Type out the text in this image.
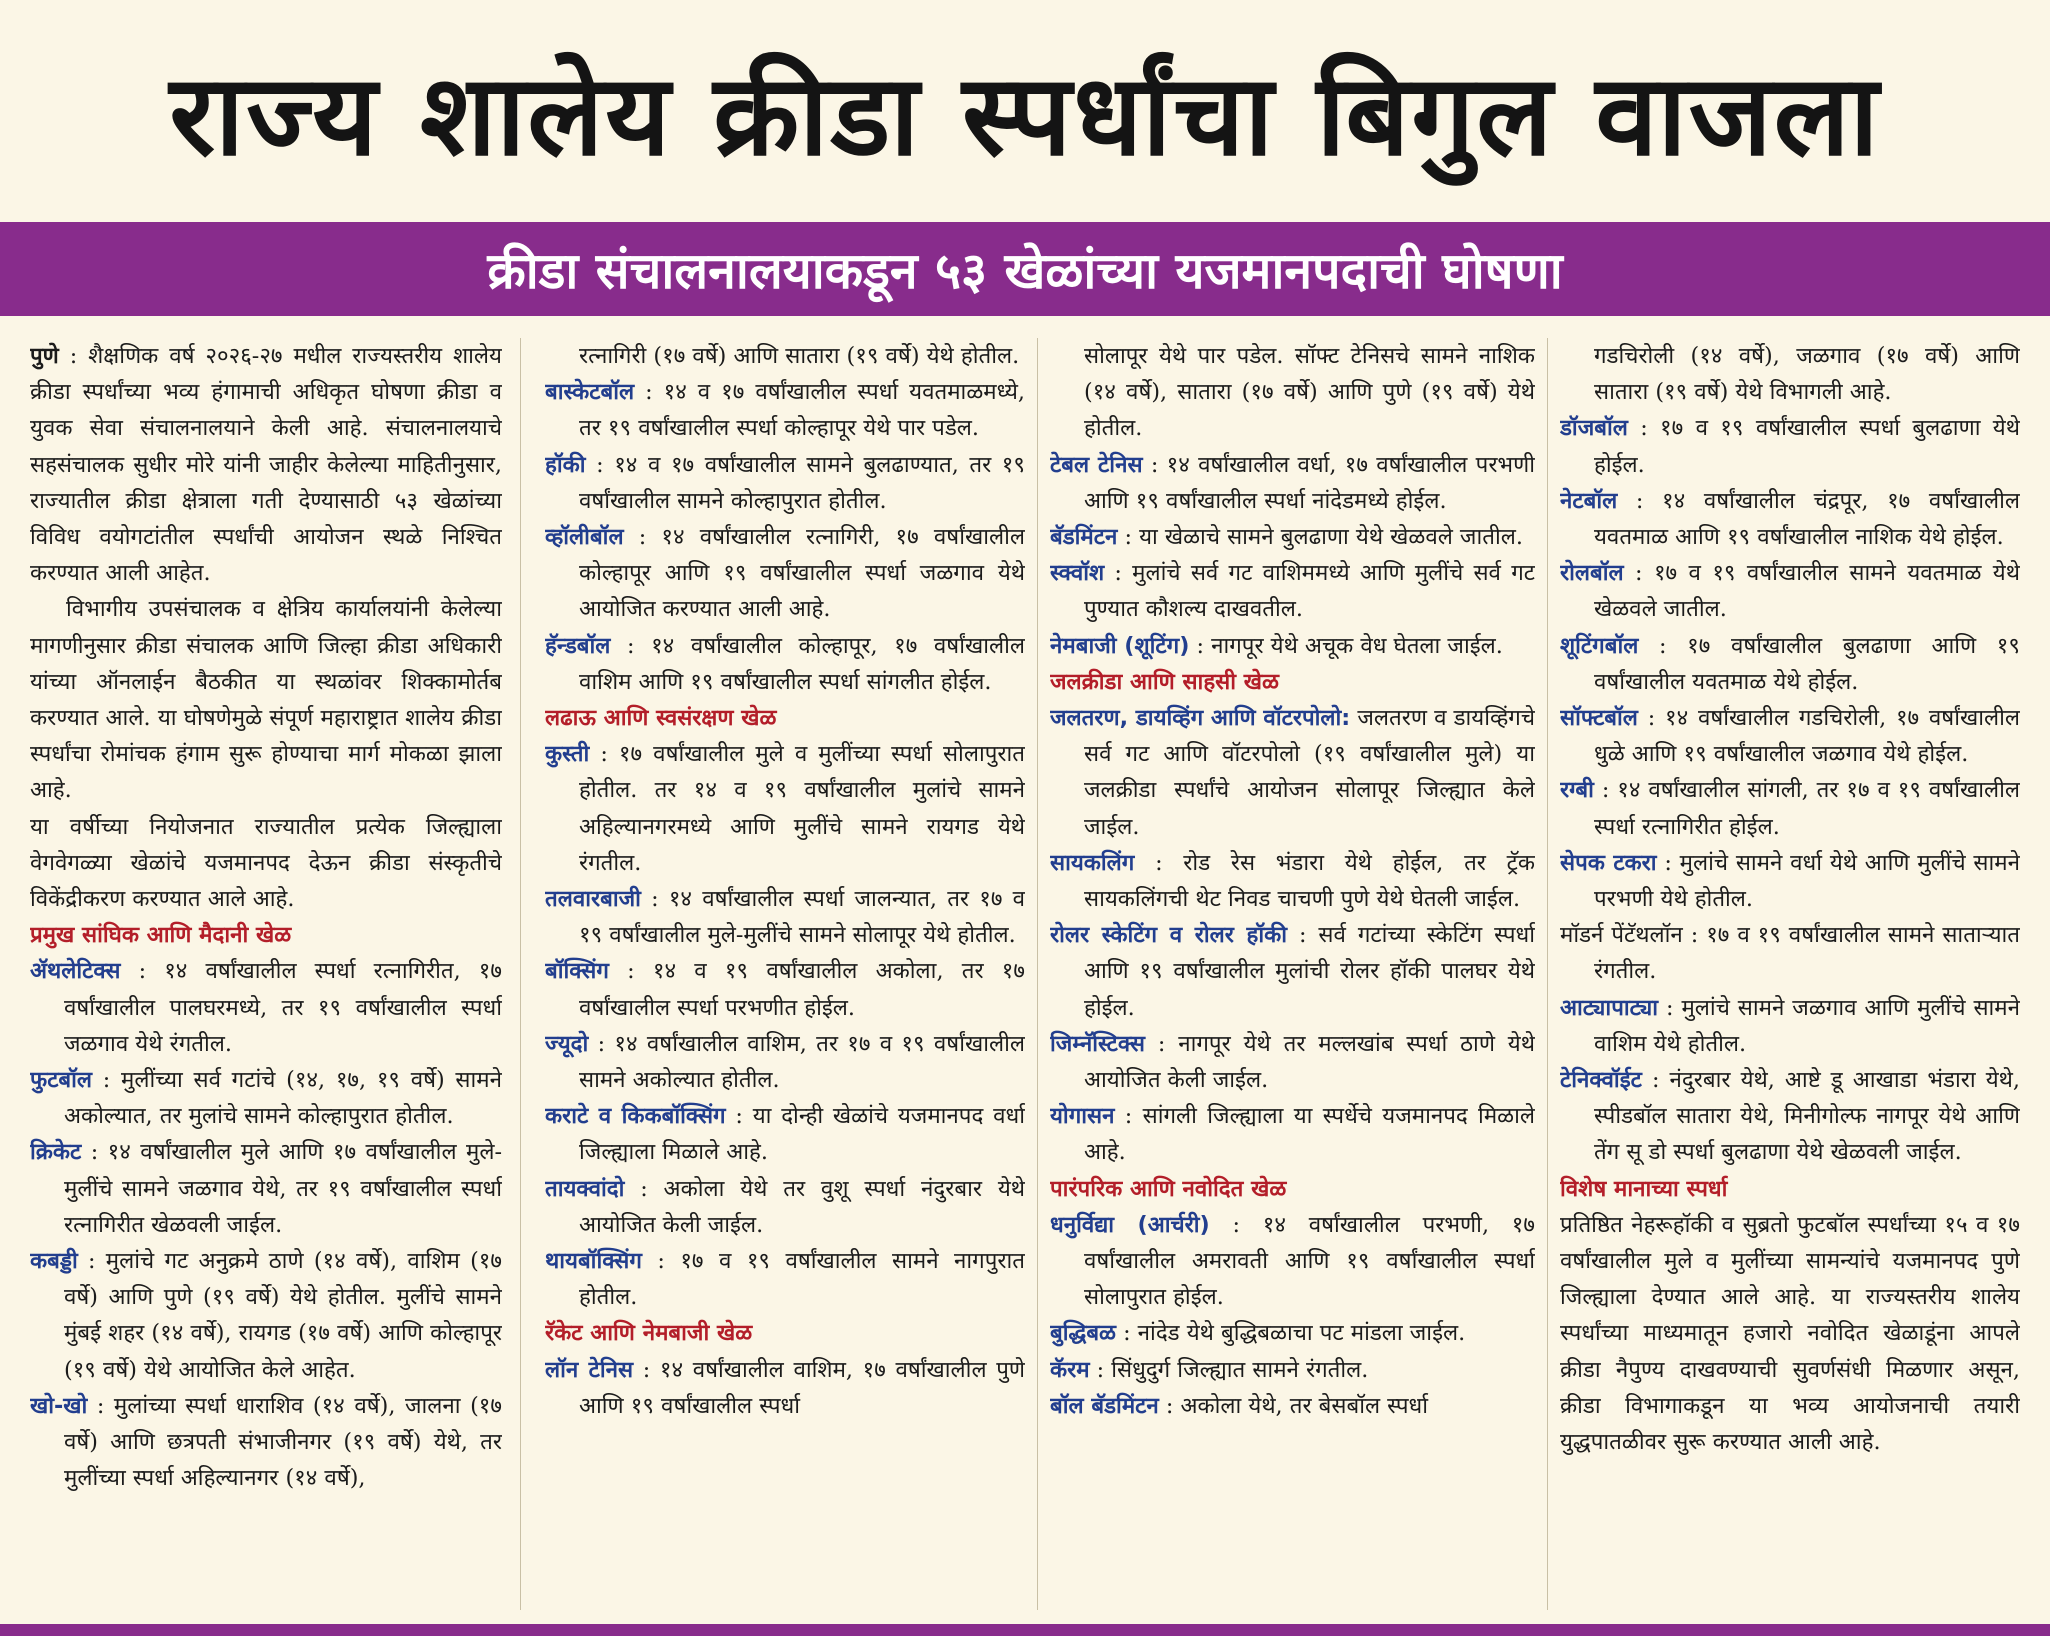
राज्य शालेय क्रीडा स्पर्धांचा बिगुल वाजला
क्रीडा संचालनालयाकडून ५३ खेळांच्या यजमानपदाची घोषणा

पुणे : शैक्षणिक वर्ष २०२६-२७ मधील राज्यस्तरीय शालेय क्रीडा स्पर्धांच्या भव्य हंगामाची अधिकृत घोषणा क्रीडा व युवक सेवा संचालनालयाने केली आहे. संचालनालयाचे सहसंचालक सुधीर मोरे यांनी जाहीर केलेल्या माहितीनुसार, राज्यातील क्रीडा क्षेत्राला गती देण्यासाठी ५३ खेळांच्या विविध वयोगटांतील स्पर्धांची आयोजन स्थळे निश्चित करण्यात आली आहेत.

विभागीय उपसंचालक व क्षेत्रिय कार्यालयांनी केलेल्या मागणीनुसार क्रीडा संचालक आणि जिल्हा क्रीडा अधिकारी यांच्या ऑनलाईन बैठकीत या स्थळांवर शिक्कामोर्तब करण्यात आले. या घोषणेमुळे संपूर्ण महाराष्ट्रात शालेय क्रीडा स्पर्धांचा रोमांचक हंगाम सुरू होण्याचा मार्ग मोकळा झाला आहे.

या वर्षीच्या नियोजनात राज्यातील प्रत्येक जिल्ह्याला वेगवेगळ्या खेळांचे यजमानपद देऊन क्रीडा संस्कृतीचे विकेंद्रीकरण करण्यात आले आहे.

प्रमुख सांघिक आणि मैदानी खेळ

ॲथलेटिक्स : १४ वर्षांखालील स्पर्धा रत्नागिरीत, १७ वर्षांखालील पालघरमध्ये, तर १९ वर्षांखालील स्पर्धा जळगाव येथे रंगतील.

फुटबॉल : मुलींच्या सर्व गटांचे (१४, १७, १९ वर्षे) सामने अकोल्यात, तर मुलांचे सामने कोल्हापुरात होतील.

क्रिकेट : १४ वर्षांखालील मुले आणि १७ वर्षांखालील मुले-मुलींचे सामने जळगाव येथे, तर १९ वर्षांखालील स्पर्धा रत्नागिरीत खेळवली जाईल.

कबड्डी : मुलांचे गट अनुक्रमे ठाणे (१४ वर्षे), वाशिम (१७ वर्षे) आणि पुणे (१९ वर्षे) येथे होतील. मुलींचे सामने मुंबई शहर (१४ वर्षे), रायगड (१७ वर्षे) आणि कोल्हापूर (१९ वर्षे) येथे आयोजित केले आहेत.

खो-खो : मुलांच्या स्पर्धा धाराशिव (१४ वर्षे), जालना (१७ वर्षे) आणि छत्रपती संभाजीनगर (१९ वर्षे) येथे, तर मुलींच्या स्पर्धा अहिल्यानगर (१४ वर्षे),

रत्नागिरी (१७ वर्षे) आणि सातारा (१९ वर्षे) येथे होतील.

बास्केटबॉल : १४ व १७ वर्षांखालील स्पर्धा यवतमाळमध्ये, तर १९ वर्षांखालील स्पर्धा कोल्हापूर येथे पार पडेल.

हॉकी : १४ व १७ वर्षांखालील सामने बुलढाण्यात, तर १९ वर्षांखालील सामने कोल्हापुरात होतील.

व्हॉलीबॉल : १४ वर्षांखालील रत्नागिरी, १७ वर्षांखालील कोल्हापूर आणि १९ वर्षांखालील स्पर्धा जळगाव येथे आयोजित करण्यात आली आहे.

हॅन्डबॉल : १४ वर्षांखालील कोल्हापूर, १७ वर्षांखालील वाशिम आणि १९ वर्षांखालील स्पर्धा सांगलीत होईल.

लढाऊ आणि स्वसंरक्षण खेळ

कुस्ती : १७ वर्षांखालील मुले व मुलींच्या स्पर्धा सोलापुरात होतील. तर १४ व १९ वर्षांखालील मुलांचे सामने अहिल्यानगरमध्ये आणि मुलींचे सामने रायगड येथे रंगतील.

तलवारबाजी : १४ वर्षांखालील स्पर्धा जालन्यात, तर १७ व १९ वर्षांखालील मुले-मुलींचे सामने सोलापूर येथे होतील.

बॉक्सिंग : १४ व १९ वर्षांखालील अकोला, तर १७ वर्षांखालील स्पर्धा परभणीत होईल.

ज्यूदो : १४ वर्षांखालील वाशिम, तर १७ व १९ वर्षांखालील सामने अकोल्यात होतील.

कराटे व किकबॉक्सिंग : या दोन्ही खेळांचे यजमानपद वर्धा जिल्ह्याला मिळाले आहे.

तायक्वांदो : अकोला येथे तर वुशू स्पर्धा नंदुरबार येथे आयोजित केली जाईल.

थायबॉक्सिंग : १७ व १९ वर्षांखालील सामने नागपुरात होतील.

रॅकेट आणि नेमबाजी खेळ

लॉन टेनिस : १४ वर्षांखालील वाशिम, १७ वर्षांखालील पुणे आणि १९ वर्षांखालील स्पर्धा

सोलापूर येथे पार पडेल. सॉफ्ट टेनिसचे सामने नाशिक (१४ वर्षे), सातारा (१७ वर्षे) आणि पुणे (१९ वर्षे) येथे होतील.

टेबल टेनिस : १४ वर्षांखालील वर्धा, १७ वर्षांखालील परभणी आणि १९ वर्षांखालील स्पर्धा नांदेडमध्ये होईल.

बॅडमिंटन : या खेळाचे सामने बुलढाणा येथे खेळवले जातील.

स्क्वॉश : मुलांचे सर्व गट वाशिममध्ये आणि मुलींचे सर्व गट पुण्यात कौशल्य दाखवतील.

नेमबाजी (शूटिंग) : नागपूर येथे अचूक वेध घेतला जाईल.

जलक्रीडा आणि साहसी खेळ

जलतरण, डायव्हिंग आणि वॉटरपोलो: जलतरण व डायव्हिंगचे सर्व गट आणि वॉटरपोलो (१९ वर्षांखालील मुले) या जलक्रीडा स्पर्धांचे आयोजन सोलापूर जिल्ह्यात केले जाईल.

सायकलिंग : रोड रेस भंडारा येथे होईल, तर ट्रॅक सायकलिंगची थेट निवड चाचणी पुणे येथे घेतली जाईल.

रोलर स्केटिंग व रोलर हॉकी : सर्व गटांच्या स्केटिंग स्पर्धा आणि १९ वर्षांखालील मुलांची रोलर हॉकी पालघर येथे होईल.

जिम्नॅस्टिक्स : नागपूर येथे तर मल्लखांब स्पर्धा ठाणे येथे आयोजित केली जाईल.

योगासन : सांगली जिल्ह्याला या स्पर्धेचे यजमानपद मिळाले आहे.

पारंपरिक आणि नवोदित खेळ

धनुर्विद्या (आर्चरी) : १४ वर्षांखालील परभणी, १७ वर्षांखालील अमरावती आणि १९ वर्षांखालील स्पर्धा सोलापुरात होईल.

बुद्धिबळ : नांदेड येथे बुद्धिबळाचा पट मांडला जाईल.

कॅरम : सिंधुदुर्ग जिल्ह्यात सामने रंगतील.

बॉल बॅडमिंटन : अकोला येथे, तर बेसबॉल स्पर्धा

गडचिरोली (१४ वर्षे), जळगाव (१७ वर्षे) आणि सातारा (१९ वर्षे) येथे विभागली आहे.

डॉजबॉल : १७ व १९ वर्षांखालील स्पर्धा बुलढाणा येथे होईल.

नेटबॉल : १४ वर्षांखालील चंद्रपूर, १७ वर्षांखालील यवतमाळ आणि १९ वर्षांखालील नाशिक येथे होईल.

रोलबॉल : १७ व १९ वर्षांखालील सामने यवतमाळ येथे खेळवले जातील.

शूटिंगबॉल : १७ वर्षांखालील बुलढाणा आणि १९ वर्षांखालील यवतमाळ येथे होईल.

सॉफ्टबॉल : १४ वर्षांखालील गडचिरोली, १७ वर्षांखालील धुळे आणि १९ वर्षांखालील जळगाव येथे होईल.

रग्बी : १४ वर्षांखालील सांगली, तर १७ व १९ वर्षांखालील स्पर्धा रत्नागिरीत होईल.

सेपक टकरा : मुलांचे सामने वर्धा येथे आणि मुलींचे सामने परभणी येथे होतील.

मॉडर्न पेंटॅथलॉन : १७ व १९ वर्षांखालील सामने साताऱ्यात रंगतील.

आट्यापाट्या : मुलांचे सामने जळगाव आणि मुलींचे सामने वाशिम येथे होतील.

टेनिक्वॉईट : नंदुरबार येथे, आष्टे डू आखाडा भंडारा येथे, स्पीडबॉल सातारा येथे, मिनीगोल्फ नागपूर येथे आणि तेंग सू डो स्पर्धा बुलढाणा येथे खेळवली जाईल.

विशेष मानाच्या स्पर्धा

प्रतिष्ठित नेहरूहॉकी व सुब्रतो फुटबॉल स्पर्धांच्या १५ व १७ वर्षांखालील मुले व मुलींच्या सामन्यांचे यजमानपद पुणे जिल्ह्याला देण्यात आले आहे. या राज्यस्तरीय शालेय स्पर्धांच्या माध्यमातून हजारो नवोदित खेळाडूंना आपले क्रीडा नैपुण्य दाखवण्याची सुवर्णसंधी मिळणार असून, क्रीडा विभागाकडून या भव्य आयोजनाची तयारी युद्धपातळीवर सुरू करण्यात आली आहे.
